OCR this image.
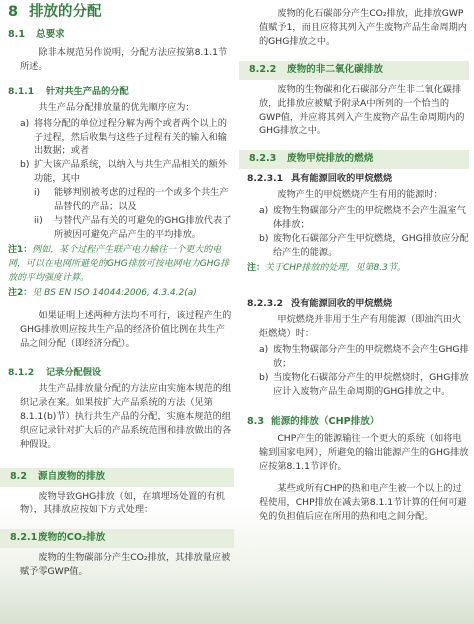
8 排放的分配
8.1	总要求

除非本规范另作说明，分配方法应按第8.1.1节所述。

8.1.1	针对共生产品的分配

共生产品分配排放量的优先顺序应为：

a) 将将分配的单位过程分解为两个或者两个以上的子过程，然后收集与这些子过程有关的输入和输出数据；或者
b) 扩大该产品系统，以纳入与共生产品相关的额外功能，其中
i)	能够判别被考虑的过程的一个或多个共生产品替代的产品；以及
ii)	与替代产品有关的可避免的GHG排放代表了所被因可避免产品产生的平均排放。

注1：例如，某个过程产生联产电力输往一个更大的电网，可以在电网所避免的GHG排放可按电网电力GHG排放的平均强度计算。

注2：见 BS EN ISO 14044:2006, 4.3.4.2(a)

如果证明上述两种方法均不可行，该过程产生的GHG排放则应按共生产品的经济价值比例在共生产品之间分配（即经济分配）。

8.1.2	记录分配假设

共生产品排放量分配的方法应由实施本规范的组织记录在案。如果按扩大产品系统的方法（见第8.1.1(b)节）执行共生产品的分配，实施本规范的组织应记录针对扩大后的产品系统范围和排放做出的各种假设。

8.2	源自废物的排放

废物导致GHG排放（如，在填埋场处置的有机物），其排放应按如下方式处理：

8.2.1 废物的CO₂排放

废物的生物碳部分产生CO₂排放，其排放量应被赋予零GWP值。

废物的化石碳部分产生CO₂排放，此排放GWP值赋予1，而且应将其列入产生废物产品生命周期内的GHG排放之中。

8.2.2	废物的非二氧化碳排放

废物的生物碳和化石碳部分产生非二氧化碳排放，此排放应被赋予附录A中所列的一个恰当的GWP值，并应将其列入产生废物产品生命周期内的GHG排放之中。

8.2.3	废物甲烷排放的燃烧
8.2.3.1 具有能源回收的甲烷燃烧

废物产生的甲烷燃烧产生有用的能源时：

a) 废物生物碳部分产生的甲烷燃烧不会产生温室气体排放；
b) 废物化石碳部分产生甲烷燃烧，GHG排放应分配给产生的能源。

注：关于CHP排放的处理，见第8.3节。

8.2.3.2 没有能源回收的甲烷燃烧

甲烷燃烧并非用于生产有用能源（即油汽田火炬燃烧）时：

a) 废物生物碳部分产生的甲烷燃烧不会产生GHG排放；
b) 当废物化石碳部分产生的甲烷燃烧时，GHG排放应计入废物产品生命周期的GHG排放之中。
8.3 能源的排放（CHP排放）

CHP产生的能源输往一个更大的系统（如将电输到国家电网），所避免的输出能源产生的GHG排放应按第8.1.1节评价。

某些或所有CHP的热和电产生被一个以上的过程使用，CHP排放在减去第8.1.1节计算的任何可避免的负担值后应在所用的热和电之间分配。
